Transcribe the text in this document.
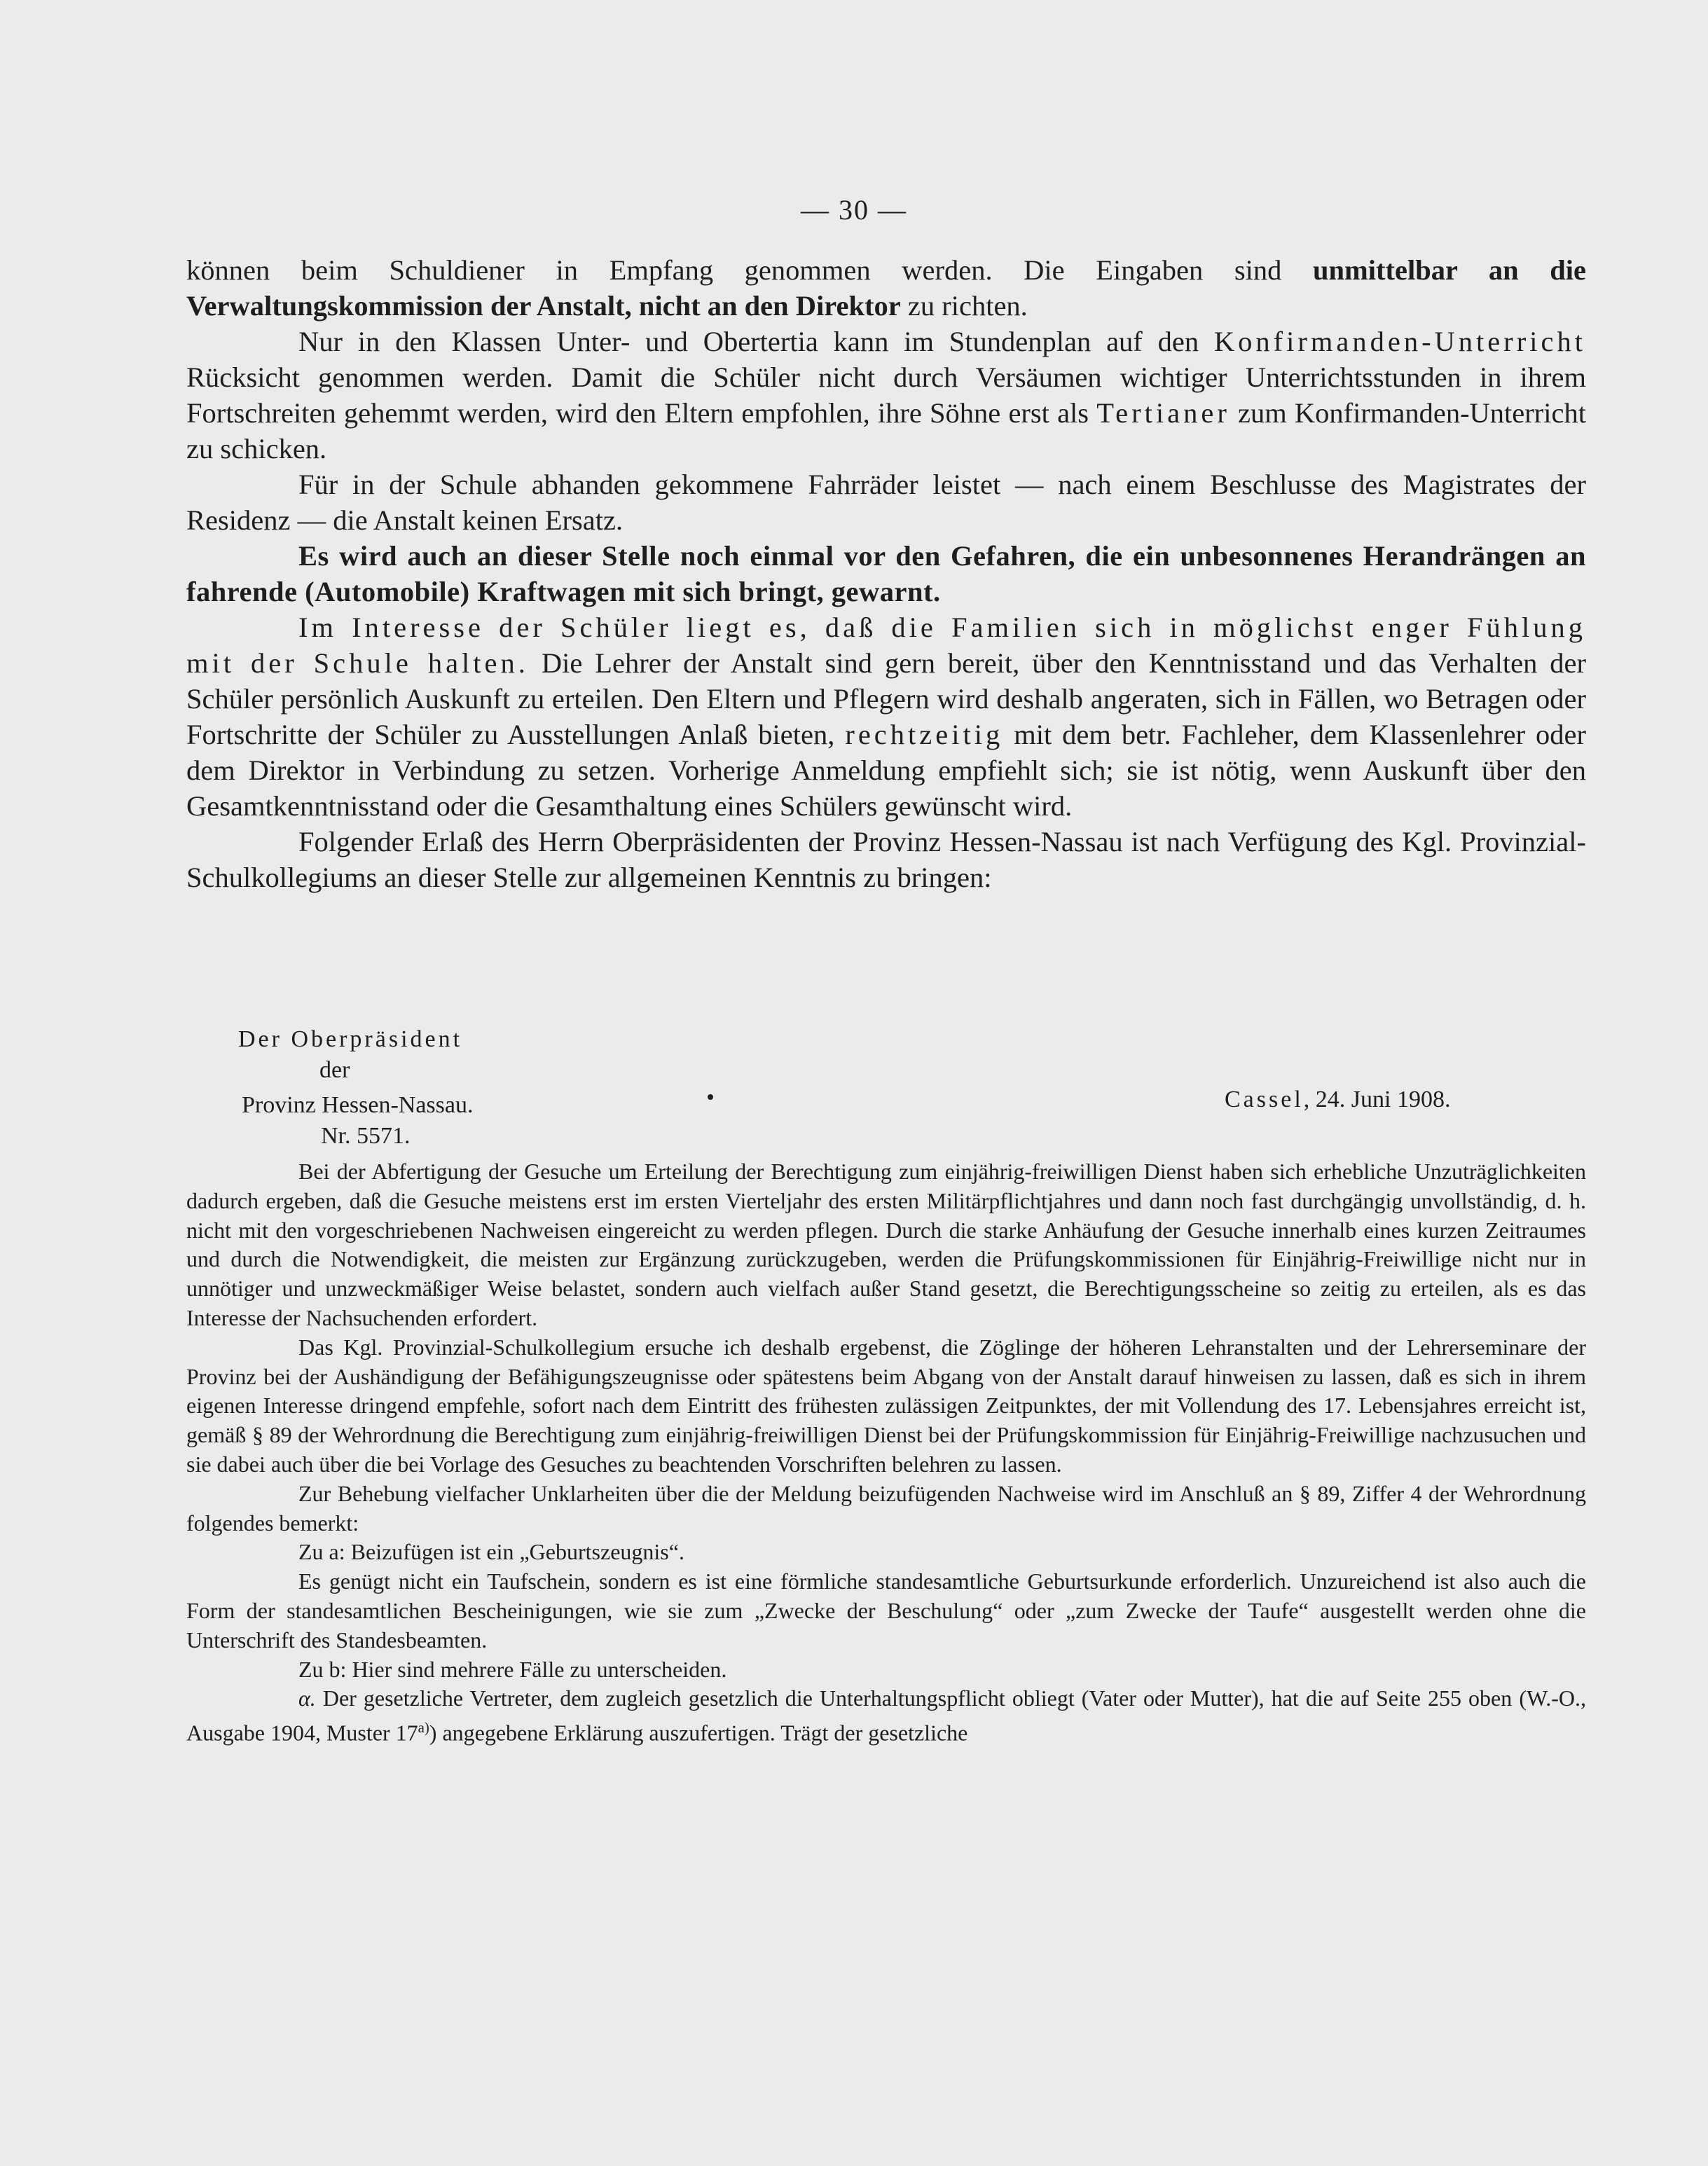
— 30 —

können beim Schuldiener in Empfang genommen werden. Die Eingaben sind unmittelbar an die Verwaltungskommission der Anstalt, nicht an den Direktor zu richten.

Nur in den Klassen Unter- und Obertertia kann im Stundenplan auf den Konfirmanden-Unterricht Rücksicht genommen werden. Damit die Schüler nicht durch Versäumen wichtiger Unterrichtsstunden in ihrem Fortschreiten gehemmt werden, wird den Eltern empfohlen, ihre Söhne erst als Tertianer zum Konfirmanden-Unterricht zu schicken.

Für in der Schule abhanden gekommene Fahrräder leistet — nach einem Beschlusse des Magistrates der Residenz — die Anstalt keinen Ersatz.

Es wird auch an dieser Stelle noch einmal vor den Gefahren, die ein unbesonnenes Herandrängen an fahrende (Automobile) Kraftwagen mit sich bringt, gewarnt.

Im Interesse der Schüler liegt es, daß die Familien sich in möglichst enger Fühlung mit der Schule halten. Die Lehrer der Anstalt sind gern bereit, über den Kenntnisstand und das Verhalten der Schüler persönlich Auskunft zu erteilen. Den Eltern und Pflegern wird deshalb angeraten, sich in Fällen, wo Betragen oder Fortschritte der Schüler zu Ausstellungen Anlaß bieten, rechtzeitig mit dem betr. Fachleher, dem Klassenlehrer oder dem Direktor in Verbindung zu setzen. Vorherige Anmeldung empfiehlt sich; sie ist nötig, wenn Auskunft über den Gesamtkenntnisstand oder die Gesamthaltung eines Schülers gewünscht wird.

Folgender Erlaß des Herrn Oberpräsidenten der Provinz Hessen-Nassau ist nach Verfügung des Kgl. Provinzial-Schulkollegiums an dieser Stelle zur allgemeinen Kenntnis zu bringen:

Der Oberpräsident
der
Provinz Hessen-Nassau.
Nr. 5571.
Cassel, 24. Juni 1908.

Bei der Abfertigung der Gesuche um Erteilung der Berechtigung zum einjährig-freiwilligen Dienst haben sich erhebliche Unzuträglichkeiten dadurch ergeben, daß die Gesuche meistens erst im ersten Vierteljahr des ersten Militärpflichtjahres und dann noch fast durchgängig unvollständig, d. h. nicht mit den vorgeschriebenen Nachweisen eingereicht zu werden pflegen. Durch die starke Anhäufung der Gesuche innerhalb eines kurzen Zeitraumes und durch die Notwendigkeit, die meisten zur Ergänzung zurückzugeben, werden die Prüfungskommissionen für Einjährig-Freiwillige nicht nur in unnötiger und unzweckmäßiger Weise belastet, sondern auch vielfach außer Stand gesetzt, die Berechtigungsscheine so zeitig zu erteilen, als es das Interesse der Nachsuchenden erfordert.

Das Kgl. Provinzial-Schulkollegium ersuche ich deshalb ergebenst, die Zöglinge der höheren Lehranstalten und der Lehrerseminare der Provinz bei der Aushändigung der Befähigungszeugnisse oder spätestens beim Abgang von der Anstalt darauf hinweisen zu lassen, daß es sich in ihrem eigenen Interesse dringend empfehle, sofort nach dem Eintritt des frühesten zulässigen Zeitpunktes, der mit Vollendung des 17. Lebensjahres erreicht ist, gemäß § 89 der Wehrordnung die Berechtigung zum einjährig-freiwilligen Dienst bei der Prüfungskommission für Einjährig-Freiwillige nachzusuchen und sie dabei auch über die bei Vorlage des Gesuches zu beachtenden Vorschriften belehren zu lassen.

Zur Behebung vielfacher Unklarheiten über die der Meldung beizufügenden Nachweise wird im Anschluß an § 89, Ziffer 4 der Wehrordnung folgendes bemerkt:

Zu a: Beizufügen ist ein „Geburtszeugnis“.

Es genügt nicht ein Taufschein, sondern es ist eine förmliche standesamtliche Geburtsurkunde erforderlich. Unzureichend ist also auch die Form der standesamtlichen Bescheinigungen, wie sie zum „Zwecke der Beschulung“ oder „zum Zwecke der Taufe“ ausgestellt werden ohne die Unterschrift des Standesbeamten.

Zu b: Hier sind mehrere Fälle zu unterscheiden.

α. Der gesetzliche Vertreter, dem zugleich gesetzlich die Unterhaltungspflicht obliegt (Vater oder Mutter), hat die auf Seite 255 oben (W.-O., Ausgabe 1904, Muster 17$^{a)}$) angegebene Erklärung auszufertigen. Trägt der gesetzliche
